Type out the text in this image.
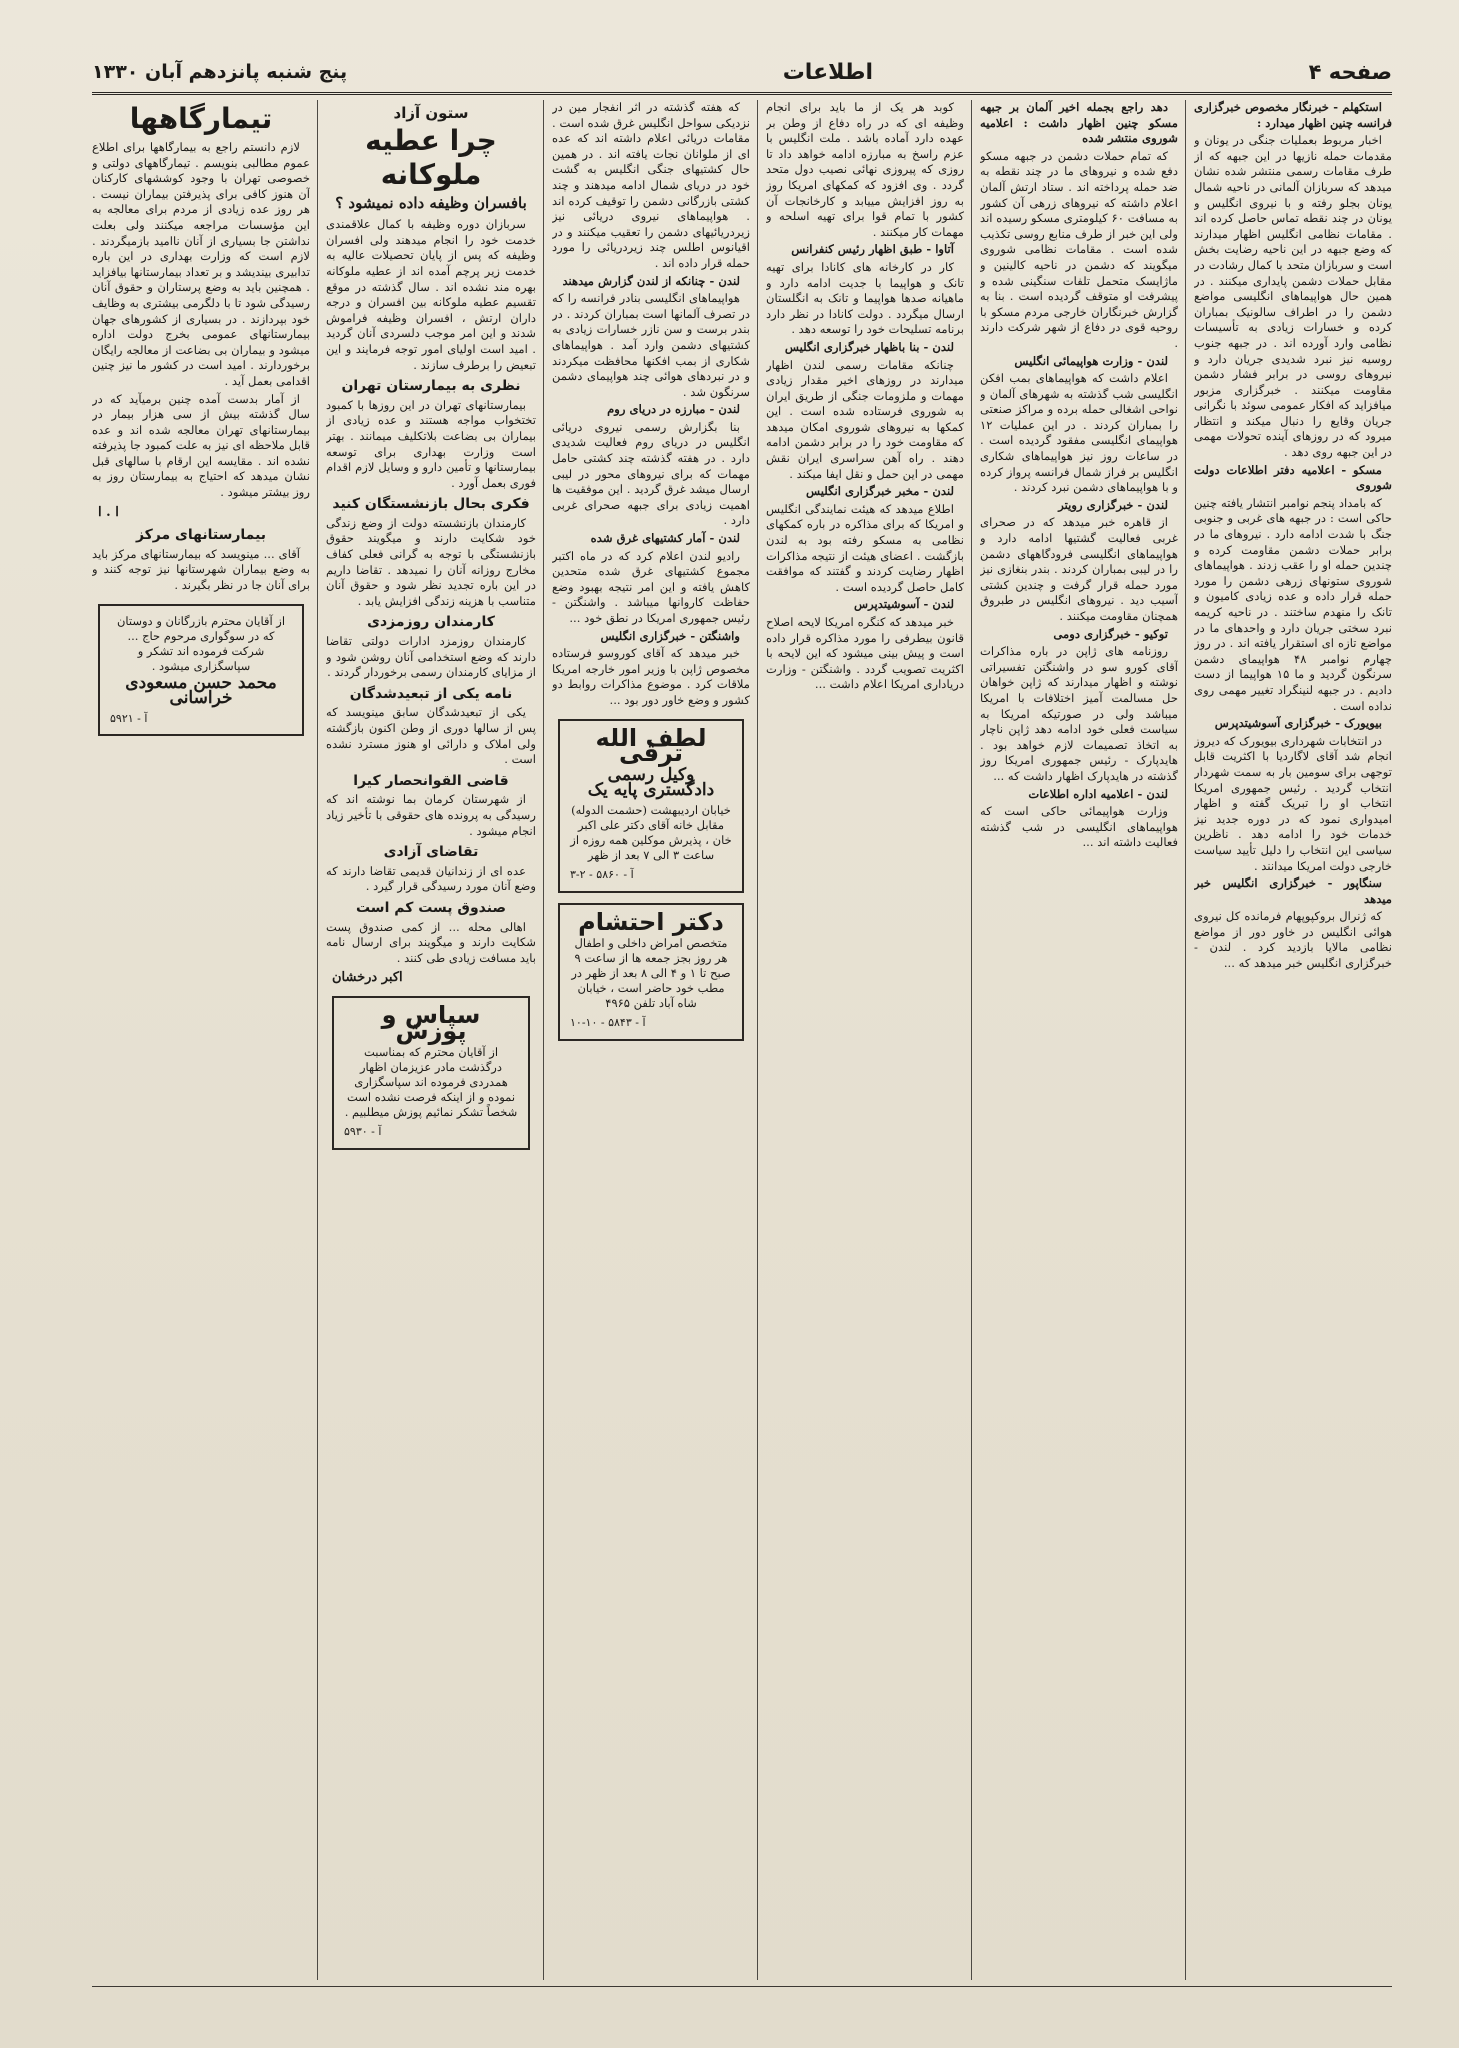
صفحه ۴
اطلاعات
پنج شنبه پانزدهم آبان ۱۳۳۰

استکهلم - خبرنگار مخصوص خبرگزاری فرانسه چنین اظهار میدارد :

اخبار مربوط بعملیات جنگی در یونان و مقدمات حمله نازیها در این جبهه که از طرف مقامات رسمی منتشر شده نشان میدهد که سربازان آلمانی در ناحیه شمال یونان بجلو رفته و با نیروی انگلیس و یونان در چند نقطه تماس حاصل کرده اند . مقامات نظامی انگلیس اظهار میدارند که وضع جبهه در این ناحیه رضایت بخش است و سربازان متحد با کمال رشادت در مقابل حملات دشمن پایداری میکنند . در همین حال هواپیماهای انگلیسی مواضع دشمن را در اطراف سالونیک بمباران کرده و خسارات زیادی به تأسیسات نظامی وارد آورده اند . در جبهه جنوب روسیه نیز نبرد شدیدی جریان دارد و نیروهای روسی در برابر فشار دشمن مقاومت میکنند . خبرگزاری مزبور میافزاید که افکار عمومی سوئد با نگرانی جریان وقایع را دنبال میکند و انتظار میرود که در روزهای آینده تحولات مهمی در این جبهه روی دهد .

مسکو - اعلامیه دفتر اطلاعات دولت شوروی

که بامداد پنجم نوامبر انتشار یافته چنین حاکی است : در جبهه های غربی و جنوبی جنگ با شدت ادامه دارد . نیروهای ما در برابر حملات دشمن مقاومت کرده و چندین حمله او را عقب زدند . هواپیماهای شوروی ستونهای زرهی دشمن را مورد حمله قرار داده و عده زیادی کامیون و تانک را منهدم ساختند . در ناحیه کریمه نبرد سختی جریان دارد و واحدهای ما در مواضع تازه ای استقرار یافته اند . در روز چهارم نوامبر ۴۸ هواپیمای دشمن سرنگون گردید و ما ۱۵ هواپیما از دست دادیم . در جبهه لنینگراد تغییر مهمی روی نداده است .

بیویورک - خبرگزاری آسوشیتدپرس

در انتخابات شهرداری بیویورک که دیروز انجام شد آقای لاگاردیا با اکثریت قابل توجهی برای سومین بار به سمت شهردار انتخاب گردید . رئیس جمهوری امریکا انتخاب او را تبریک گفته و اظهار امیدواری نمود که در دوره جدید نیز خدمات خود را ادامه دهد . ناظرین سیاسی این انتخاب را دلیل تأیید سیاست خارجی دولت امریکا میدانند .

سنگاپور - خبرگزاری انگلیس خبر میدهد

که ژنرال بروکپوپهام فرمانده کل نیروی هوائی انگلیس در خاور دور از مواضع نظامی مالایا بازدید کرد . لندن - خبرگزاری انگلیس خبر میدهد که ...

دهد راجع بجمله اخیر آلمان بر جبهه مسکو چنین اظهار داشت : اعلامیه شوروی منتشر شده

که تمام حملات دشمن در جبهه مسکو دفع شده و نیروهای ما در چند نقطه به ضد حمله پرداخته اند . ستاد ارتش آلمان اعلام داشته که نیروهای زرهی آن کشور به مسافت ۶۰ کیلومتری مسکو رسیده اند ولی این خبر از طرف منابع روسی تکذیب شده است . مقامات نظامی شوروی میگویند که دشمن در ناحیه کالینین و ماژایسک متحمل تلفات سنگینی شده و پیشرفت او متوقف گردیده است . بنا به گزارش خبرنگاران خارجی مردم مسکو با روحیه قوی در دفاع از شهر شرکت دارند .

لندن - وزارت هواپیمائی انگلیس

اعلام داشت که هواپیماهای بمب افکن انگلیسی شب گذشته به شهرهای آلمان و نواحی اشغالی حمله برده و مراکز صنعتی را بمباران کردند . در این عملیات ۱۲ هواپیمای انگلیسی مفقود گردیده است . در ساعات روز نیز هواپیماهای شکاری انگلیس بر فراز شمال فرانسه پرواز کرده و با هواپیماهای دشمن نبرد کردند .

لندن - خبرگزاری رویتر

از قاهره خبر میدهد که در صحرای غربی فعالیت گشتیها ادامه دارد و هواپیماهای انگلیسی فرودگاههای دشمن را در لیبی بمباران کردند . بندر بنغازی نیز مورد حمله قرار گرفت و چندین کشتی آسیب دید . نیروهای انگلیس در طبروق همچنان مقاومت میکنند .

توکیو - خبرگزاری دومی

روزنامه های ژاپن در باره مذاکرات آقای کورو سو در واشنگتن تفسیراتی نوشته و اظهار میدارند که ژاپن خواهان حل مسالمت آمیز اختلافات با امریکا میباشد ولی در صورتیکه امریکا به سیاست فعلی خود ادامه دهد ژاپن ناچار به اتخاذ تصمیمات لازم خواهد بود . هایدپارک - رئیس جمهوری امریکا روز گذشته در هایدپارک اظهار داشت که ...

لندن - اعلامیه اداره اطلاعات

وزارت هواپیمائی حاکی است که هواپیماهای انگلیسی در شب گذشته فعالیت داشته اند ...

کوبد هر یک از ما باید برای انجام وظیفه ای که در راه دفاع از وطن بر عهده دارد آماده باشد . ملت انگلیس با عزم راسخ به مبارزه ادامه خواهد داد تا روزی که پیروزی نهائی نصیب دول متحد گردد . وی افزود که کمکهای امریکا روز به روز افزایش مییابد و کارخانجات آن کشور با تمام قوا برای تهیه اسلحه و مهمات کار میکنند .

آتاوا - طبق اظهار رئیس کنفرانس

کار در کارخانه های کانادا برای تهیه تانک و هواپیما با جدیت ادامه دارد و ماهیانه صدها هواپیما و تانک به انگلستان ارسال میگردد . دولت کانادا در نظر دارد برنامه تسلیحات خود را توسعه دهد .

لندن - بنا باظهار خبرگزاری انگلیس

چنانکه مقامات رسمی لندن اظهار میدارند در روزهای اخیر مقدار زیادی مهمات و ملزومات جنگی از طریق ایران به شوروی فرستاده شده است . این کمکها به نیروهای شوروی امکان میدهد که مقاومت خود را در برابر دشمن ادامه دهند . راه آهن سراسری ایران نقش مهمی در این حمل و نقل ایفا میکند .

لندن - مخبر خبرگزاری انگلیس

اطلاع میدهد که هیئت نمایندگی انگلیس و امریکا که برای مذاکره در باره کمکهای نظامی به مسکو رفته بود به لندن بازگشت . اعضای هیئت از نتیجه مذاکرات اظهار رضایت کردند و گفتند که موافقت کامل حاصل گردیده است .

لندن - آسوشیتدپرس

خبر میدهد که کنگره امریکا لایحه اصلاح قانون بیطرفی را مورد مذاکره قرار داده است و پیش بینی میشود که این لایحه با اکثریت تصویب گردد . واشنگتن - وزارت دریاداری امریکا اعلام داشت ...

که هفته گذشته در اثر انفجار مین در نزدیکی سواحل انگلیس غرق شده است . مقامات دریائی اعلام داشته اند که عده ای از ملوانان نجات یافته اند . در همین حال کشتیهای جنگی انگلیس به گشت خود در دریای شمال ادامه میدهند و چند کشتی بازرگانی دشمن را توقیف کرده اند . هواپیماهای نیروی دریائی نیز زیردریائیهای دشمن را تعقیب میکنند و در اقیانوس اطلس چند زیردریائی را مورد حمله قرار داده اند .

لندن - چنانکه از لندن گزارش میدهند

هواپیماهای انگلیسی بنادر فرانسه را که در تصرف آلمانها است بمباران کردند . در بندر برست و سن نازر خسارات زیادی به کشتیهای دشمن وارد آمد . هواپیماهای شکاری از بمب افکنها محافظت میکردند و در نبردهای هوائی چند هواپیمای دشمن سرنگون شد .

لندن - مبارزه در دریای روم

بنا بگزارش رسمی نیروی دریائی انگلیس در دریای روم فعالیت شدیدی دارد . در هفته گذشته چند کشتی حامل مهمات که برای نیروهای محور در لیبی ارسال میشد غرق گردید . این موفقیت ها اهمیت زیادی برای جبهه صحرای غربی دارد .

لندن - آمار کشتیهای غرق شده

رادیو لندن اعلام کرد که در ماه اکتبر مجموع کشتیهای غرق شده متحدین کاهش یافته و این امر نتیجه بهبود وضع حفاظت کاروانها میباشد . واشنگتن - رئیس جمهوری امریکا در نطق خود ...

واشنگتن - خبرگزاری انگلیس

خبر میدهد که آقای کوروسو فرستاده مخصوص ژاپن با وزیر امور خارجه امریکا ملاقات کرد . موضوع مذاکرات روابط دو کشور و وضع خاور دور بود ...

لطف الله ترقی
وکیل رسمی دادگستری پایه یک
خیابان اردیبهشت (حشمت الدوله) مقابل خانه آقای دکتر علی اکبر خان ، پذیرش موکلین همه روزه از ساعت ۳ الی ۷ بعد از ظهر
آ - ۵۸۶۰ - ۲-۳
دکتر احتشام
متخصص امراض داخلی و اطفال هر روز بجز جمعه ها از ساعت ۹ صبح تا ۱ و ۴ الی ۸ بعد از ظهر در مطب خود حاضر است ، خیابان شاه آباد تلفن ۴۹۶۵
آ - ۵۸۴۳ - ۱۰-۱۰
ستون آزاد
چرا عطیه ملوکانه
بافسران وظیفه داده نمیشود ؟

سربازان دوره وظیفه با کمال علاقمندی خدمت خود را انجام میدهند ولی افسران وظیفه که پس از پایان تحصیلات عالیه به خدمت زیر پرچم آمده اند از عطیه ملوکانه بهره مند نشده اند . سال گذشته در موقع تقسیم عطیه ملوکانه بین افسران و درجه داران ارتش ، افسران وظیفه فراموش شدند و این امر موجب دلسردی آنان گردید . امید است اولیای امور توجه فرمایند و این تبعیض را برطرف سازند .

نظری به بیمارستان تهران

بیمارستانهای تهران در این روزها با کمبود تختخواب مواجه هستند و عده زیادی از بیماران بی بضاعت بلاتکلیف میمانند . بهتر است وزارت بهداری برای توسعه بیمارستانها و تأمین دارو و وسایل لازم اقدام فوری بعمل آورد .

فکری بحال بازنشستگان کنید

کارمندان بازنشسته دولت از وضع زندگی خود شکایت دارند و میگویند حقوق بازنشستگی با توجه به گرانی فعلی کفاف مخارج روزانه آنان را نمیدهد . تقاضا داریم در این باره تجدید نظر شود و حقوق آنان متناسب با هزینه زندگی افزایش یابد .

کارمندان روزمزدی

کارمندان روزمزد ادارات دولتی تقاضا دارند که وضع استخدامی آنان روشن شود و از مزایای کارمندان رسمی برخوردار گردند .

نامه یکی از تبعیدشدگان

یکی از تبعیدشدگان سابق مینویسد که پس از سالها دوری از وطن اکنون بازگشته ولی املاک و دارائی او هنوز مسترد نشده است .

قاضی القوانحصار کیرا

از شهرستان کرمان بما نوشته اند که رسیدگی به پرونده های حقوقی با تأخیر زیاد انجام میشود .

تقاضای آزادی

عده ای از زندانیان قدیمی تقاضا دارند که وضع آنان مورد رسیدگی قرار گیرد .

صندوق پست کم است

اهالی محله ... از کمی صندوق پست شکایت دارند و میگویند برای ارسال نامه باید مسافت زیادی طی کنند .

اکبر درخشان
سپاس و پوزش
از آقایان محترم که بمناسبت درگذشت مادر عزیزمان اظهار همدردی فرموده اند سپاسگزاری نموده و از اینکه فرصت نشده است شخصاً تشکر نمائیم پوزش میطلبیم .
آ - ۵۹۳۰
تیمارگاهها

لازم دانستم راجع به بیمارگاهها برای اطلاع عموم مطالبی بنویسم . تیمارگاههای دولتی و خصوصی تهران با وجود کوششهای کارکنان آن هنوز کافی برای پذیرفتن بیماران نیست . هر روز عده زیادی از مردم برای معالجه به این مؤسسات مراجعه میکنند ولی بعلت نداشتن جا بسیاری از آنان ناامید بازمیگردند . لازم است که وزارت بهداری در این باره تدابیری بیندیشد و بر تعداد بیمارستانها بیافزاید . همچنین باید به وضع پرستاران و حقوق آنان رسیدگی شود تا با دلگرمی بیشتری به وظایف خود بپردازند . در بسیاری از کشورهای جهان بیمارستانهای عمومی بخرج دولت اداره میشود و بیماران بی بضاعت از معالجه رایگان برخوردارند . امید است در کشور ما نیز چنین اقدامی بعمل آید .

از آمار بدست آمده چنین برمیآید که در سال گذشته بیش از سی هزار بیمار در بیمارستانهای تهران معالجه شده اند و عده قابل ملاحظه ای نیز به علت کمبود جا پذیرفته نشده اند . مقایسه این ارقام با سالهای قبل نشان میدهد که احتیاج به بیمارستان روز به روز بیشتر میشود .

ا . ا
بیمارستانهای مرکز

آقای ... مینویسد که بیمارستانهای مرکز باید به وضع بیماران شهرستانها نیز توجه کنند و برای آنان جا در نظر بگیرند .

از آقایان محترم بازرگانان و دوستان که در سوگواری مرحوم حاج ... شرکت فرموده اند تشکر و سپاسگزاری میشود .
محمد حسن مسعودی خراسانی
آ - ۵۹۲۱
